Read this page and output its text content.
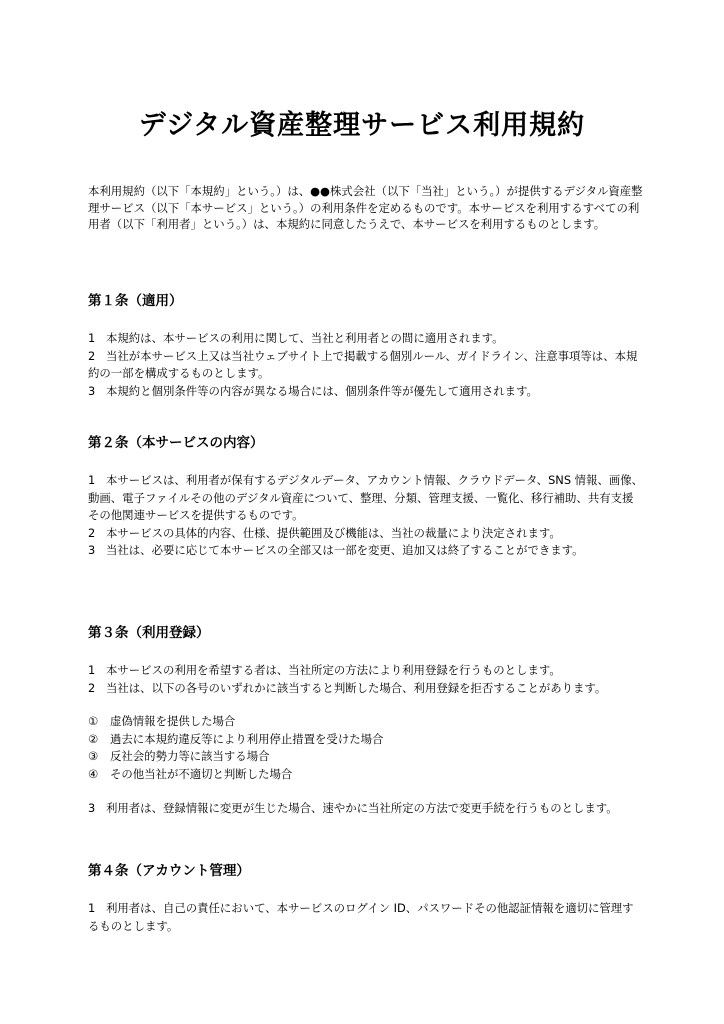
デジタル資産整理サービス利用規約

本利用規約（以下「本規約」という。）は、●●株式会社（以下「当社」という。）が提供するデジタル資産整理サービス（以下「本サービス」という。）の利用条件を定めるものです。本サービスを利用するすべての利用者（以下「利用者」という。）は、本規約に同意したうえで、本サービスを利用するものとします。

第１条（適用）

1 本規約は、本サービスの利用に関して、当社と利用者との間に適用されます。

2 当社が本サービス上又は当社ウェブサイト上で掲載する個別ルール、ガイドライン、注意事項等は、本規約の一部を構成するものとします。

3 本規約と個別条件等の内容が異なる場合には、個別条件等が優先して適用されます。

第２条（本サービスの内容）

1 本サービスは、利用者が保有するデジタルデータ、アカウント情報、クラウドデータ、SNS 情報、画像、動画、電子ファイルその他のデジタル資産について、整理、分類、管理支援、一覧化、移行補助、共有支援その他関連サービスを提供するものです。

2 本サービスの具体的内容、仕様、提供範囲及び機能は、当社の裁量により決定されます。

3 当社は、必要に応じて本サービスの全部又は一部を変更、追加又は終了することができます。

第３条（利用登録）

1 本サービスの利用を希望する者は、当社所定の方法により利用登録を行うものとします。

2 当社は、以下の各号のいずれかに該当すると判断した場合、利用登録を拒否することがあります。

①	虚偽情報を提供した場合
②	過去に本規約違反等により利用停止措置を受けた場合
③	反社会的勢力等に該当する場合
④	その他当社が不適切と判断した場合

3 利用者は、登録情報に変更が生じた場合、速やかに当社所定の方法で変更手続を行うものとします。

第４条（アカウント管理）

1 利用者は、自己の責任において、本サービスのログイン ID、パスワードその他認証情報を適切に管理するものとします。
